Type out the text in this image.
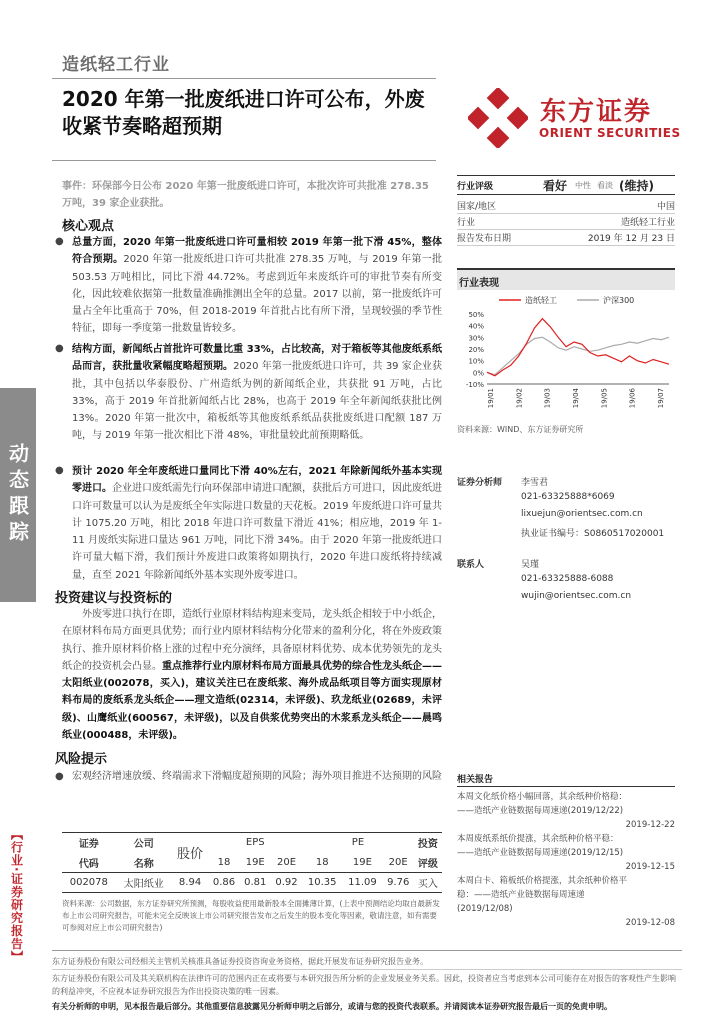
造纸轻工行业
2020 年第一批废纸进口许可公布，外废收紧节奏略超预期	东方证券
ORIENT SECURITIES
动态跟踪
【行业·证券研究报告】
事件：环保部今日公布 2020 年第一批废纸进口许可，本批次许可共批准 278.35 万吨，39 家企业获批。
核心观点
● 总量方面，2020 年第一批废纸进口许可量相较 2019 年第一批下滑 45%，整体符合预期。2020 年第一批废纸进口许可共批准 278.35 万吨，与 2019 年第一批 503.53 万吨相比，同比下滑 44.72%。考虑到近年来废纸许可的审批节奏有所变化，因此较难依据第一批数量准确推测出全年的总量。2017 以前，第一批废纸许可量占全年比重高于 70%，但 2018-2019 年首批占比有所下滑，呈现较强的季节性特征，即每一季度第一批数量皆较多。
● 结构方面，新闻纸占首批许可数量比重 33%，占比较高，对于箱板等其他废纸系纸品而言，获批量收紧幅度略超预期。2020 年第一批废纸进口许可，共 39 家企业获批，其中包括以华泰股份、广州造纸为例的新闻纸企业，共获批 91 万吨，占比 33%，高于 2019 年首批新闻纸占比 28%，也高于 2019 年全年新闻纸获批比例 13%。2020 年第一批次中，箱板纸等其他废纸系纸品获批废纸进口配额 187 万吨，与 2019 年第一批次相比下滑 48%，审批量较此前预期略低。
● 预计 2020 年全年废纸进口量同比下滑 40%左右，2021 年除新闻纸外基本实现零进口。企业进口废纸需先行向环保部申请进口配额，获批后方可进口，因此废纸进口许可数量可以认为是废纸全年实际进口数量的天花板。2019 年废纸进口许可量共计 1075.20 万吨，相比 2018 年进口许可数量下滑近 41%；相应地，2019 年 1-11 月废纸实际进口量达 961 万吨，同比下滑 34%。由于 2020 年第一批废纸进口许可量大幅下滑，我们预计外废进口政策将如期执行，2020 年进口废纸将持续减量，直至 2021 年除新闻纸外基本实现外废零进口。
投资建议与投资标的
外废零进口执行在即，造纸行业原材料结构迎来变局，龙头纸企相较于中小纸企，在原材料布局方面更具优势；而行业内原材料结构分化带来的盈利分化，将在外废政策执行、推升原材料价格上涨的过程中充分演绎，具备原材料优势、成本优势领先的龙头纸企的投资机会凸显。重点推荐行业内原材料布局方面最具优势的综合性龙头纸企——太阳纸业(002078，买入)，建议关注已在废纸浆、海外成品纸项目等方面实现原材料布局的废纸系龙头纸企——理文造纸(02314，未评级)、玖龙纸业(02689，未评级)、山鹰纸业(600567，未评级)，以及自供浆优势突出的木浆系龙头纸企——晨鸣纸业(000488，未评级)。
风险提示
● 宏观经济增速放缓、终端需求下滑幅度超预期的风险；海外项目推进不达预期的风险
证券	公司	股价	EPS			PE			投资
代码	名称		18	19E	20E	18	19E	20E	评级
002078	太阳纸业	8.94	0.86	0.81	0.92	10.35	11.09	9.76	买入
资料来源：公司数据，东方证券研究所预测，每股收益使用最新股本全面摊薄计算，(上表中预测结论均取自最新发布上市公司研究报告，可能未完全反映该上市公司研究报告发布之后发生的股本变化等因素，敬请注意，如有需要可参阅对应上市公司研究报告)
行业评级	看好 中性 看淡 (维持)
国家/地区	中国
行业	造纸轻工行业
报告发布日期	2019 年 12 月 23 日
行业表现
造纸轻工	沪深300
-10%
0%
10%
20%
30%
40%
50%
19/01	19/02	19/03	19/04	19/05	19/06	19/07
资料来源：WIND、东方证券研究所
证券分析师 李雪君
021-63325888*6069
lixuejun@orientsec.com.cn
执业证书编号：S0860517020001
联系人	吴瑾
021-63325888-6088
wujin@orientsec.com.cn
相关报告
本周文化纸价格小幅回落，其余纸种价格稳：——造纸产业链数据每周速递(2019/12/22)
2019-12-22
本周废纸系纸价提涨，其余纸种价格平稳：——造纸产业链数据每周速递(2019/12/15)
2019-12-15
本周白卡、箱板纸价格提涨，其余纸种价格平稳：——造纸产业链数据每周速递(2019/12/08)
2019-12-08
东方证券股份有限公司经相关主管机关核准具备证券投资咨询业务资格，据此开展发布证券研究报告业务。
东方证券股份有限公司及其关联机构在法律许可的范围内正在或将要与本研究报告所分析的企业发展业务关系。因此，投资者应当考虑到本公司可能存在对报告的客观性产生影响的利益冲突，不应视本证券研究报告为作出投资决策的唯一因素。
有关分析师的申明，见本报告最后部分。其他重要信息披露见分析师申明之后部分，或请与您的投资代表联系。并请阅读本证券研究报告最后一页的免责申明。
